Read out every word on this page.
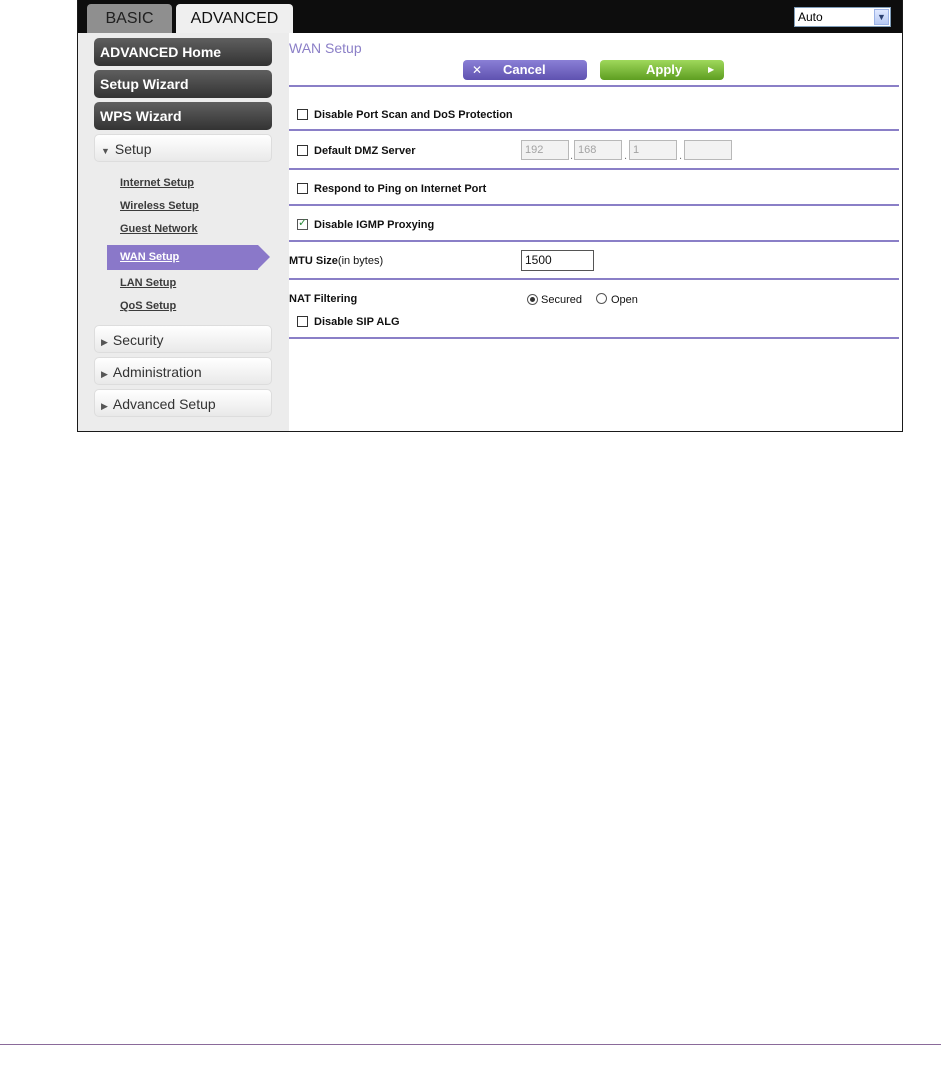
BASIC	ADVANCED	Auto	▼
ADVANCED Home
Setup Wizard
WPS Wizard
▼ Setup
Internet Setup
Wireless Setup
Guest Network
WAN Setup
LAN Setup
QoS Setup
▶ Security
▶ Administration
▶ Advanced Setup
WAN Setup
✕ Cancel	Apply	▶
Disable Port Scan and DoS Protection
Default DMZ Server	192	. 168	. 1	.
Respond to Ping on Internet Port
✓ Disable IGMP Proxying
MTU Size(in bytes)	1500
NAT Filtering	Secured	Open
Disable SIP ALG
